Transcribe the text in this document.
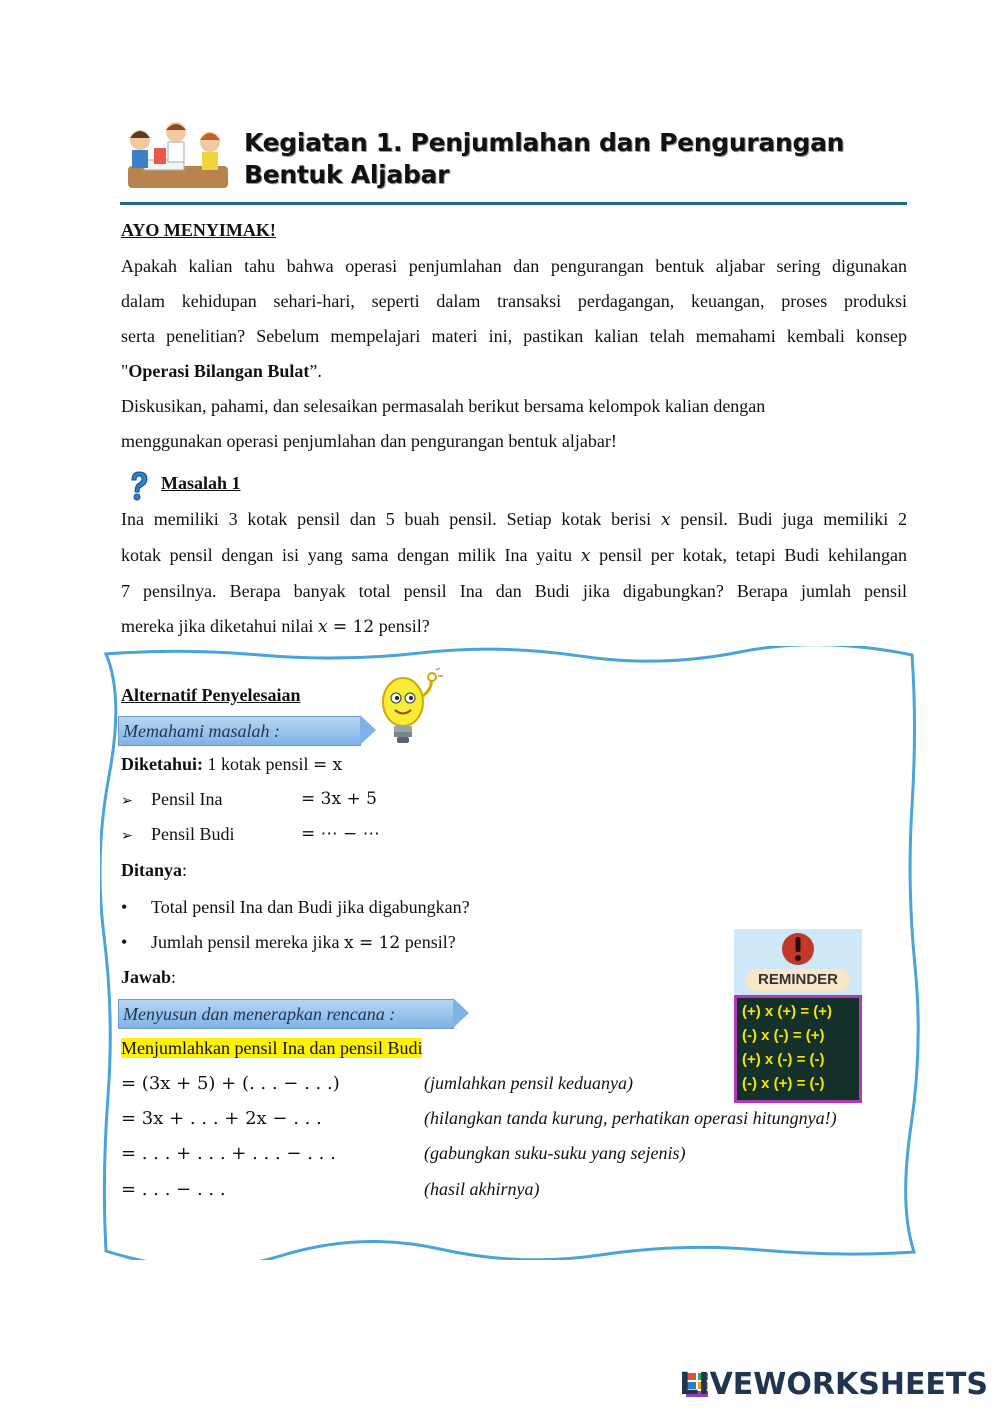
Kegiatan 1. Penjumlahan dan Pengurangan
Bentuk Aljabar
AYO MENYIMAK!
Apakah kalian tahu bahwa operasi penjumlahan dan pengurangan bentuk aljabar sering digunakan
dalam kehidupan sehari-hari, seperti dalam transaksi perdagangan, keuangan, proses produksi
serta penelitian? Sebelum mempelajari materi ini, pastikan kalian telah memahami kembali konsep
"Operasi Bilangan Bulat”.
Diskusikan, pahami, dan selesaikan permasalah berikut bersama kelompok kalian dengan
menggunakan operasi penjumlahan dan pengurangan bentuk aljabar!
Masalah 1
Ina memiliki 3 kotak pensil dan 5 buah pensil. Setiap kotak berisi x pensil. Budi juga memiliki 2
kotak pensil dengan isi yang sama dengan milik Ina yaitu x pensil per kotak, tetapi Budi kehilangan
7 pensilnya. Berapa banyak total pensil Ina dan Budi jika digabungkan? Berapa jumlah pensil
mereka jika diketahui nilai x = 12 pensil?
Alternatif Penyelesaian
Memahami masalah :
Diketahui: 1 kotak pensil = x
➢ Pensil Ina	= 3x + 5
➢ Pensil Budi	= ⋯ − ⋯
Ditanya:
• Total pensil Ina dan Budi jika digabungkan?
• Jumlah pensil mereka jika x = 12 pensil?
Jawab:
Menyusun dan menerapkan rencana :
Menjumlahkan pensil Ina dan pensil Budi
= (3x + 5) + (. . . − . . .)	(jumlahkan pensil keduanya)
= 3x + . . . + 2x − . . .	(hilangkan tanda kurung, perhatikan operasi hitungnya!)
= . . . + . . . + . . . − . . .	(gabungkan suku-suku yang sejenis)
= . . . − . . .	(hasil akhirnya)
REMINDER
(+) x (+) = (+)
(-) x (-) = (+)
(+) x (-) = (-)
(-) x (+) = (-)
LIVEWORKSHEETS
